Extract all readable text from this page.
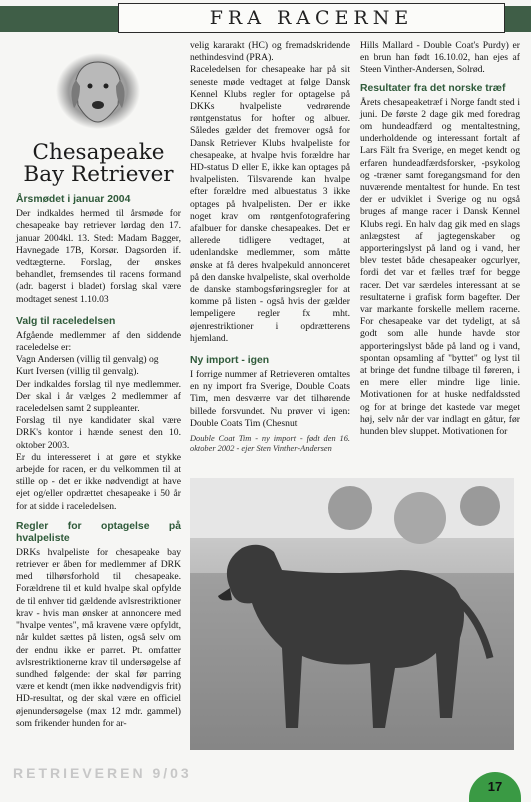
FRA RACERNE
Chesapeake Bay Retriever
Årsmødet i januar 2004

Der indkaldes hermed til årsmøde for chesapeake bay retriever lørdag den 17. januar 2004kl. 13. Sted: Madam Bagger, Havnegade 17B, Korsør. Dagsorden if. vedtægterne. Forslag, der ønskes behandlet, fremsendes til racens formand (adr. bagerst i bladet) forslag skal være modtaget senest 1.10.03

Valg til raceledelsen

Afgående medlemmer af den siddende raceledelse er:

Vagn Andersen (villig til genvalg) og

Kurt Iversen (villig til genvalg).

Der indkaldes forslag til nye medlemmer. Der skal i år vælges 2 medlemmer af raceledelsen samt 2 suppleanter.

Forslag til nye kandidater skal være DRK's kontor i hænde senest den 10. oktober 2003.

Er du interesseret i at gøre et stykke arbejde for racen, er du velkommen til at stille op - det er ikke nødvendigt at have ejet og/eller opdrættet chesapeake i 50 år for at sidde i raceledelsen.

Regler for optagelse på hvalpeliste

DRKs hvalpeliste for chesapeake bay retriever er åben for medlemmer af DRK med tilhørsforhold til chesapeake. Forældrene til et kuld hvalpe skal opfylde de til enhver tid gældende avlsrestriktioner krav - hvis man ønsker at annoncere med "hvalpe ventes", må kravene være opfyldt, når kuldet sættes på listen, også selv om der endnu ikke er parret. Pt. omfatter avlsrestriktionerne krav til undersøgelse af sundhed følgende: der skal før parring være et kendt (men ikke nødvendigvis frit) HD-resultat, og der skal være en officiel øjenundersøgelse (max 12 mdr. gammel) som frikender hunden for ar-

velig kararakt (HC) og fremadskridende nethindesvind (PRA).

Raceledelsen for chesapeake har på sit seneste møde vedtaget at følge Dansk Kennel Klubs regler for optagelse på DKKs hvalpeliste vedrørende røntgenstatus for hofter og albuer. Således gælder det fremover også for Dansk Retriever Klubs hvalpeliste for chesapeake, at hvalpe hvis forældre har HD-status D eller E, ikke kan optages på hvalpelisten. Tilsvarende kan hvalpe efter forældre med albuestatus 3 ikke optages på hvalpelisten. Der er ikke noget krav om røntgenfotografering afalbuer for danske chesapeakes. Det er allerede tidligere vedtaget, at udenlandske medlemmer, som måtte ønske at få deres hvalpekuld annonceret på den danske hvalpeliste, skal overholde de danske stambogsføringsregler for at komme på listen - også hvis der gælder lempeligere regler fx mht. øjenrestriktioner i opdrætterens hjemland.

Ny import - igen

I forrige nummer af Retrieveren omtaltes en ny import fra Sverige, Double Coats Tim, men desværre var det tilhørende billede forsvundet. Nu prøver vi igen: Double Coats Tim (Chesnut

Double Coat Tim - ny import - født den 16. oktober 2002 - ejer Sten Vinther-Andersen

Hills Mallard - Double Coat's Purdy) er en brun han født 16.10.02, han ejes af Steen Vinther-Andersen, Solrød.

Resultater fra det norske træf

Årets chesapeaketræf i Norge fandt sted i juni. De første 2 dage gik med foredrag om hundeadfærd og mentaltestning, underholdende og interessant fortalt af Lars Fält fra Sverige, en meget kendt og erfaren hundeadfærdsforsker, -psykolog og -træner samt foregangsmand for den nuværende mentaltest for hunde. En test der er udviklet i Sverige og nu også bruges af mange racer i Dansk Kennel Klubs regi. En halv dag gik med en slags anlægstest af jagtegenskaber og apporteringslyst på land og i vand, her blev testet både chesapeaker ogcurlyer, fordi det var et fælles træf for begge racer. Det var særdeles interessant at se resultaterne i grafisk form bagefter. Der var markante forskelle mellem racerne. For chesapeake var det tydeligt, at så godt som alle hunde havde stor apporteringslyst både på land og i vand, spontan opsamling af "byttet" og lyst til at bringe det fundne tilbage til føreren, i en mere eller mindre lige linie. Motivationen for at huske nedfaldssted og for at bringe det kastede var meget høj, selv når der var indlagt en gåtur, før hunden blev sluppet. Motivationen for

RETRIEVEREN 9/03
17
